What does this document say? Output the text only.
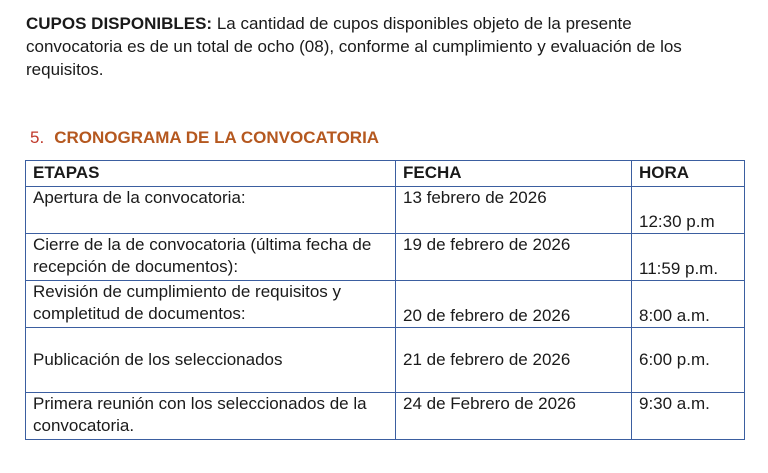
CUPOS DISPONIBLES: La cantidad de cupos disponibles objeto de la presente convocatoria es de un total de ocho (08), conforme al cumplimiento y evaluación de los requisitos.

5. CRONOGRAMA DE LA CONVOCATORIA
ETAPAS	FECHA	HORA
Apertura de la convocatoria:	13 febrero de 2026	12:30 p.m
Cierre de la de convocatoria (última fecha de recepción de documentos):	19 de febrero de 2026	11:59 p.m.
Revisión de cumplimiento de requisitos y completitud de documentos:	20 de febrero de 2026	8:00 a.m.
Publicación de los seleccionados	21 de febrero de 2026	6:00 p.m.
Primera reunión con los seleccionados de la convocatoria.	24 de Febrero de 2026	9:30 a.m.
